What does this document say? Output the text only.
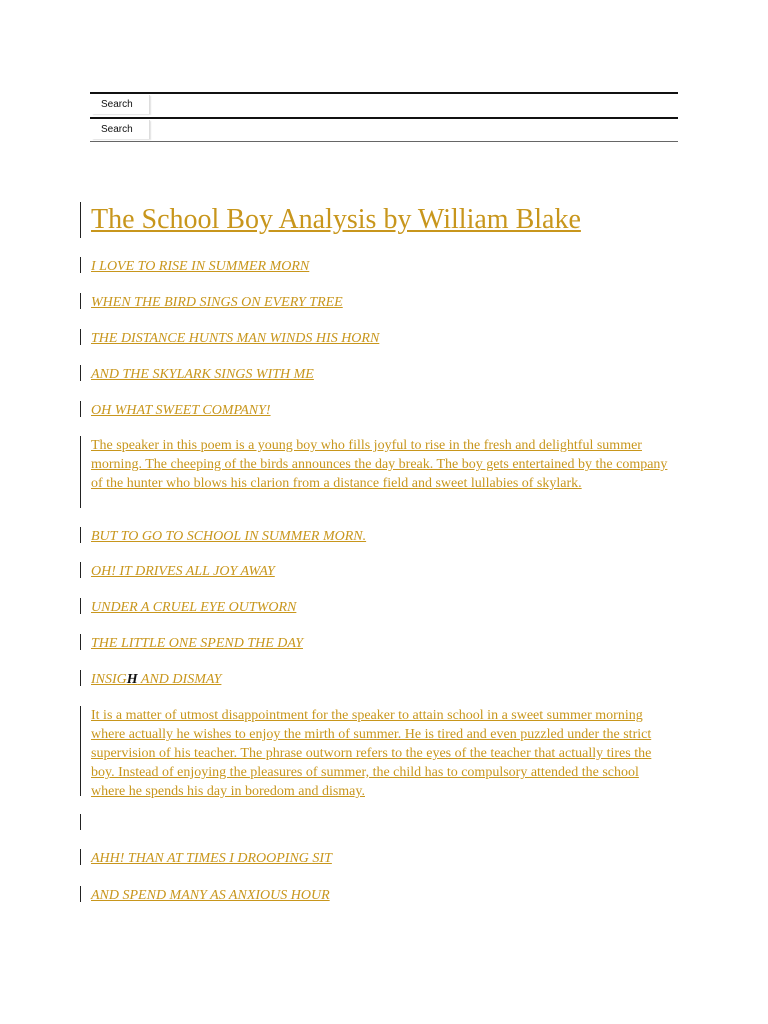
Search
Search
The School Boy Analysis by William Blake
I LOVE TO RISE IN SUMMER MORN
WHEN THE BIRD SINGS ON EVERY TREE
THE DISTANCE HUNTS MAN WINDS HIS HORN
AND THE SKYLARK SINGS WITH ME
OH WHAT SWEET COMPANY!
The speaker in this poem is a young boy who fills joyful to rise in the fresh and delightful summer morning. The cheeping of the birds announces the day break. The boy gets entertained by the company of the hunter who blows his clarion from a distance field and sweet lullabies of skylark.
BUT TO GO TO SCHOOL IN SUMMER MORN.
OH! IT DRIVES ALL JOY AWAY
UNDER A CRUEL EYE OUTWORN
THE LITTLE ONE SPEND THE DAY
INSIGH AND DISMAY
It is a matter of utmost disappointment for the speaker to attain school in a sweet summer morning where actually he wishes to enjoy the mirth of summer. He is tired and even puzzled under the strict supervision of his teacher. The phrase outworn refers to the eyes of the teacher that actually tires the boy. Instead of enjoying the pleasures of summer, the child has to compulsory attended the school where he spends his day in boredom and dismay.
AHH! THAN AT TIMES I DROOPING SIT
AND SPEND MANY AS ANXIOUS HOUR
